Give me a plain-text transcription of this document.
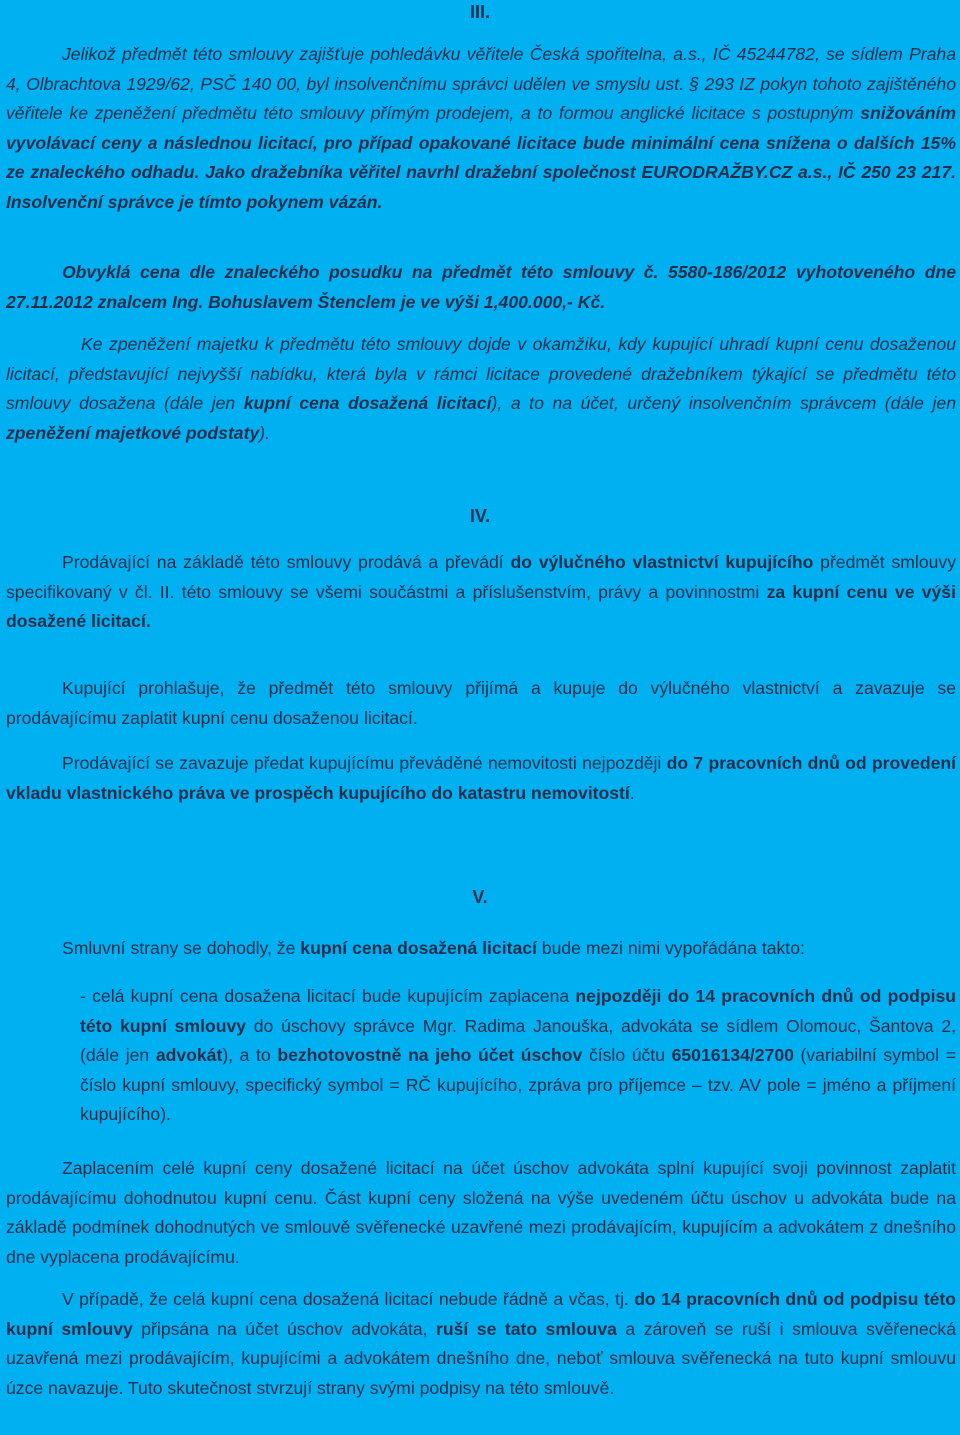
III.

Jelikož předmět této smlouvy zajišťuje pohledávku věřitele Česká spořitelna, a.s., IČ 45244782, se sídlem Praha 4, Olbrachtova 1929/62, PSČ 140 00, byl insolvenčnímu správci udělen ve smyslu ust. § 293 IZ pokyn tohoto zajištěného věřitele ke zpeněžení předmětu této smlouvy přímým prodejem, a to formou anglické licitace s postupným snižováním vyvolávací ceny a následnou licitací, pro případ opakované licitace bude minimální cena snížena o dalších 15% ze znaleckého odhadu. Jako dražebníka věřitel navrhl dražební společnost EURODRAŽBY.CZ a.s., IČ 250 23 217. Insolvenční správce je tímto pokynem vázán.

Obvyklá cena dle znaleckého posudku na předmět této smlouvy č. 5580-186/2012 vyhotoveného dne 27.11.2012 znalcem Ing. Bohuslavem Štenclem je ve výši 1,400.000,- Kč.

Ke zpeněžení majetku k předmětu této smlouvy dojde v okamžiku, kdy kupující uhradí kupní cenu dosaženou licitací, představující nejvyšší nabídku, která byla v rámci licitace provedené dražebníkem týkající se předmětu této smlouvy dosažena (dále jen kupní cena dosažená licitací), a to na účet, určený insolvenčním správcem (dále jen zpeněžení majetkové podstaty).

IV.

Prodávající na základě této smlouvy prodává a převádí do výlučného vlastnictví kupujícího předmět smlouvy specifikovaný v čl. II. této smlouvy se všemi součástmi a příslušenstvím, právy a povinnostmi za kupní cenu ve výši dosažené licitací.

Kupující prohlašuje, že předmět této smlouvy přijímá a kupuje do výlučného vlastnictví a zavazuje se prodávajícímu zaplatit kupní cenu dosaženou licitací.

Prodávající se zavazuje předat kupujícímu převáděné nemovitosti nejpozději do 7 pracovních dnů od provedení vkladu vlastnického práva ve prospěch kupujícího do katastru nemovitostí.

V.

Smluvní strany se dohodly, že kupní cena dosažená licitací bude mezi nimi vypořádána takto:

- celá kupní cena dosažena licitací bude kupujícím zaplacena nejpozději do 14 pracovních dnů od podpisu této kupní smlouvy do úschovy správce Mgr. Radima Janouška, advokáta se sídlem Olomouc, Šantova 2, (dále jen advokát), a to bezhotovostně na jeho účet úschov číslo účtu 65016134/2700 (variabilní symbol = číslo kupní smlouvy, specifický symbol = RČ kupujícího, zpráva pro příjemce – tzv. AV pole = jméno a příjmení kupujícího).

Zaplacením celé kupní ceny dosažené licitací na účet úschov advokáta splní kupující svoji povinnost zaplatit prodávajícímu dohodnutou kupní cenu. Část kupní ceny složená na výše uvedeném účtu úschov u advokáta bude na základě podmínek dohodnutých ve smlouvě svěřenecké uzavřené mezi prodávajícím, kupujícím a advokátem z dnešního dne vyplacena prodávajícímu.

V případě, že celá kupní cena dosažená licitací nebude řádně a včas, tj. do 14 pracovních dnů od podpisu této kupní smlouvy připsána na účet úschov advokáta, ruší se tato smlouva a zároveň se ruší i smlouva svěřenecká uzavřená mezi prodávajícím, kupujícími a advokátem dnešního dne, neboť smlouva svěřenecká na tuto kupní smlouvu úzce navazuje. Tuto skutečnost stvrzují strany svými podpisy na této smlouvě.
